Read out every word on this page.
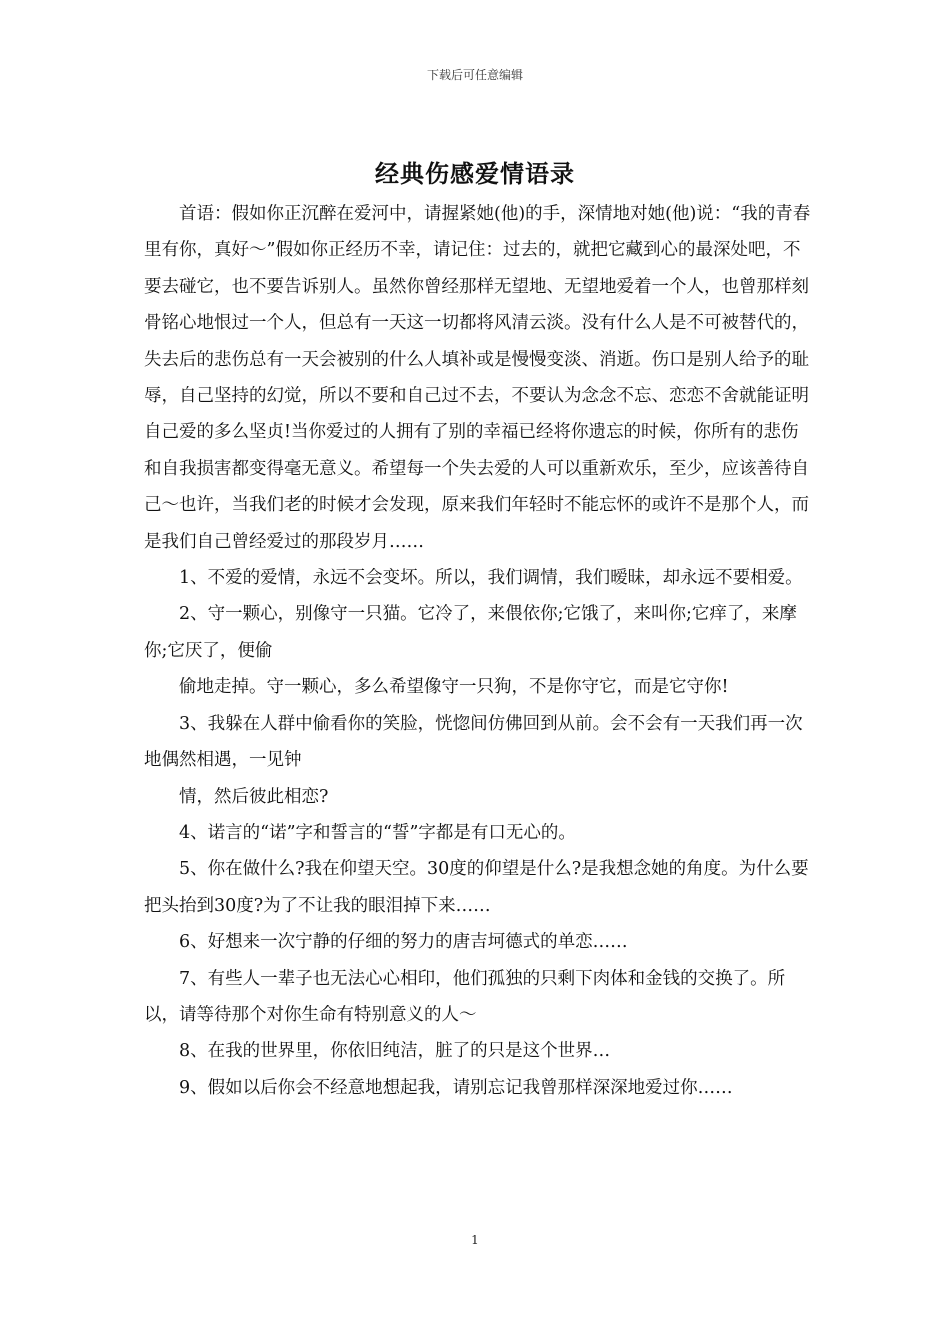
下载后可任意编辑
经典伤感爱情语录

首语：假如你正沉醉在爱河中，请握紧她(他)的手，深情地对她(他)说：“我的青春里有你，真好～”假如你正经历不幸，请记住：过去的，就把它藏到心的最深处吧，不要去碰它，也不要告诉别人。虽然你曾经那样无望地、无望地爱着一个人，也曾那样刻骨铭心地恨过一个人，但总有一天这一切都将风清云淡。没有什么人是不可被替代的，失去后的悲伤总有一天会被别的什么人填补或是慢慢变淡、消逝。伤口是别人给予的耻辱，自己坚持的幻觉，所以不要和自己过不去，不要认为念念不忘、恋恋不舍就能证明自己爱的多么坚贞!当你爱过的人拥有了别的幸福已经将你遗忘的时候，你所有的悲伤和自我损害都变得毫无意义。希望每一个失去爱的人可以重新欢乐，至少，应该善待自己～也许，当我们老的时候才会发现，原来我们年轻时不能忘怀的或许不是那个人，而是我们自己曾经爱过的那段岁月……

1、不爱的爱情，永远不会变坏。所以，我们调情，我们暧昧，却永远不要相爱。

2、守一颗心，别像守一只猫。它冷了，来偎依你;它饿了，来叫你;它痒了，来摩你;它厌了，便偷

偷地走掉。守一颗心，多么希望像守一只狗，不是你守它，而是它守你!

3、我躲在人群中偷看你的笑脸，恍惚间仿佛回到从前。会不会有一天我们再一次地偶然相遇，一见钟

情，然后彼此相恋?

4、诺言的“诺”字和誓言的“誓”字都是有口无心的。

5、你在做什么?我在仰望天空。30度的仰望是什么?是我想念她的角度。为什么要把头抬到30度?为了不让我的眼泪掉下来……

6、好想来一次宁静的仔细的努力的唐吉坷德式的单恋……

7、有些人一辈子也无法心心相印，他们孤独的只剩下肉体和金钱的交换了。所以，请等待那个对你生命有特别意义的人～

8、在我的世界里，你依旧纯洁，脏了的只是这个世界…

9、假如以后你会不经意地想起我，请别忘记我曾那样深深地爱过你……

1
